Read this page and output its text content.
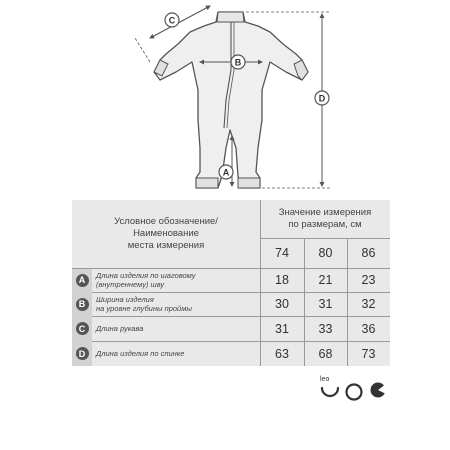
C
B
A
D
Условное обозначение/
Наименование
места измерения
Значение измерения
по размерам, см
74 80 86
A	Длина изделия по шаговому
(внутреннему) шву	18 21 23
B	Ширина изделия
на уровне глубины проймы	30 31 32
C	Длина рукава	31 33 36
D	Длина изделия по спинке	63 68 73
leo
